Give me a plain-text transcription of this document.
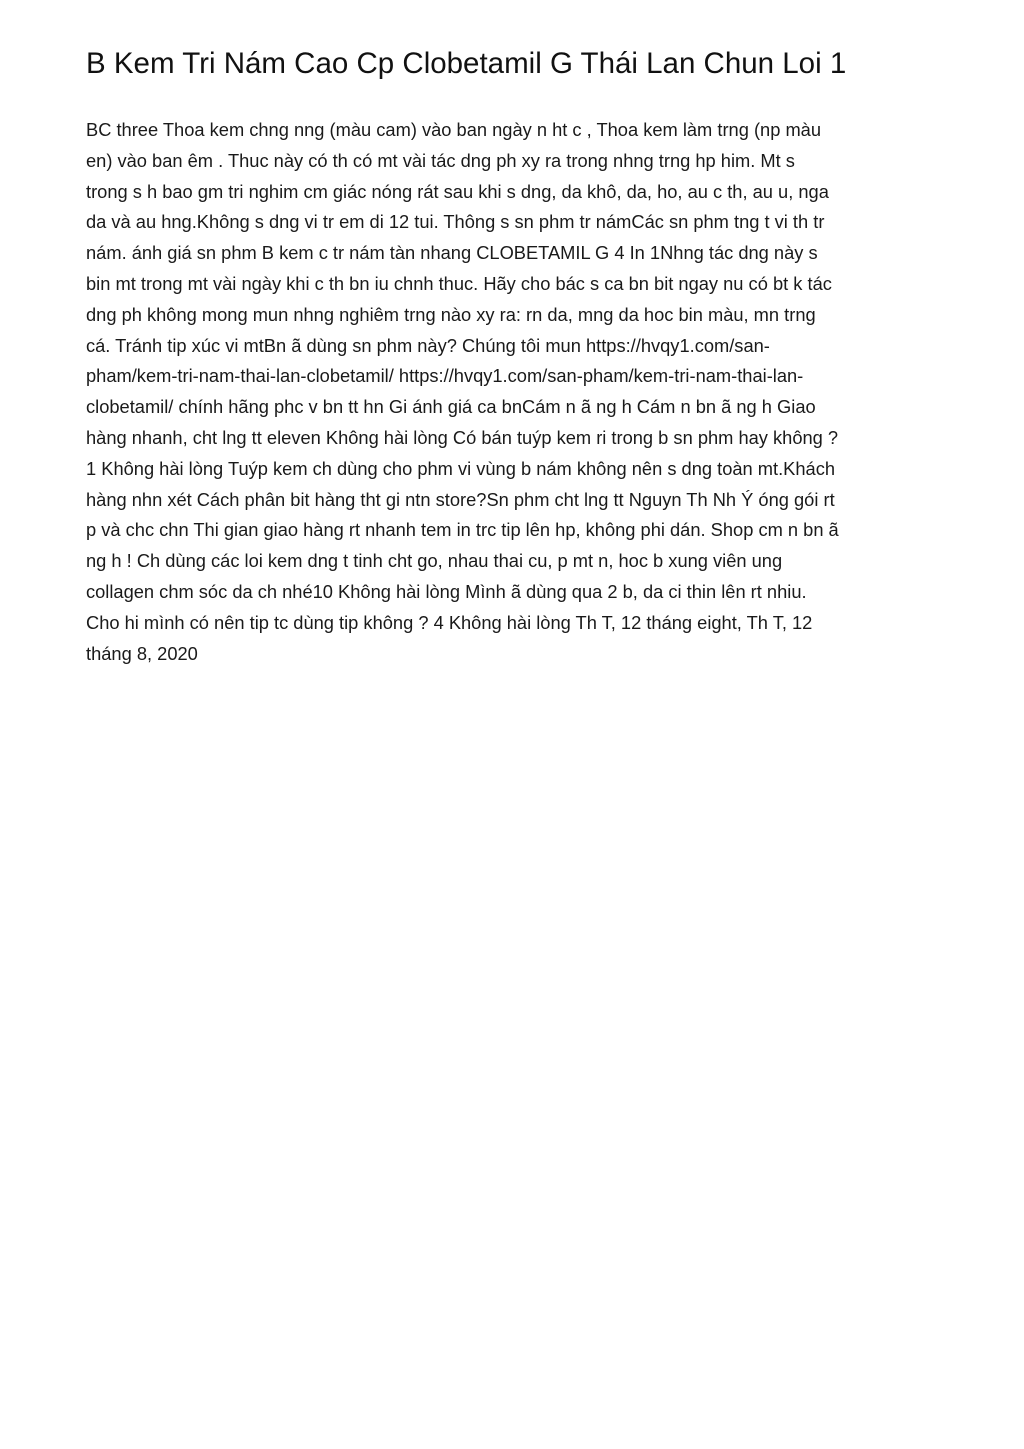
B Kem Tri Nám Cao Cp Clobetamil G Thái Lan Chun Loi 1
BC three Thoa kem chng nng (màu cam) vào ban ngày n ht c , Thoa kem làm trng (np màu
en) vào ban êm . Thuc này có th có mt vài tác dng ph xy ra trong nhng trng hp him. Mt s
trong s h bao gm tri nghim cm giác nóng rát sau khi s dng, da khô, da, ho, au c th, au u, nga
da và au hng.Không s dng vi tr em di 12 tui. Thông s sn phm tr námCác sn phm tng t vi th tr
nám. ánh giá sn phm B kem c tr nám tàn nhang CLOBETAMIL G 4 In 1Nhng tác dng này s
bin mt trong mt vài ngày khi c th bn iu chnh thuc. Hãy cho bác s ca bn bit ngay nu có bt k tác
dng ph không mong mun nhng nghiêm trng nào xy ra: rn da, mng da hoc bin màu, mn trng
cá. Tránh tip xúc vi mtBn ã dùng sn phm này? Chúng tôi mun https://hvqy1.com/san-
pham/kem-tri-nam-thai-lan-clobetamil/ https://hvqy1.com/san-pham/kem-tri-nam-thai-lan-
clobetamil/ chính hãng phc v bn tt hn Gi ánh giá ca bnCám n ã ng h Cám n bn ã ng h Giao
hàng nhanh, cht lng tt eleven Không hài lòng Có bán tuýp kem ri trong b sn phm hay không ?
1 Không hài lòng Tuýp kem ch dùng cho phm vi vùng b nám không nên s dng toàn mt.Khách
hàng nhn xét Cách phân bit hàng tht gi ntn store?Sn phm cht lng tt Nguyn Th Nh Ý óng gói rt
p và chc chn Thi gian giao hàng rt nhanh tem in trc tip lên hp, không phi dán. Shop cm n bn ã
ng h ! Ch dùng các loi kem dng t tinh cht go, nhau thai cu, p mt n, hoc b xung viên ung
collagen chm sóc da ch nhé10 Không hài lòng Mình ã dùng qua 2 b, da ci thin lên rt nhiu.
Cho hi mình có nên tip tc dùng tip không ? 4 Không hài lòng Th T, 12 tháng eight, Th T, 12
tháng 8, 2020
